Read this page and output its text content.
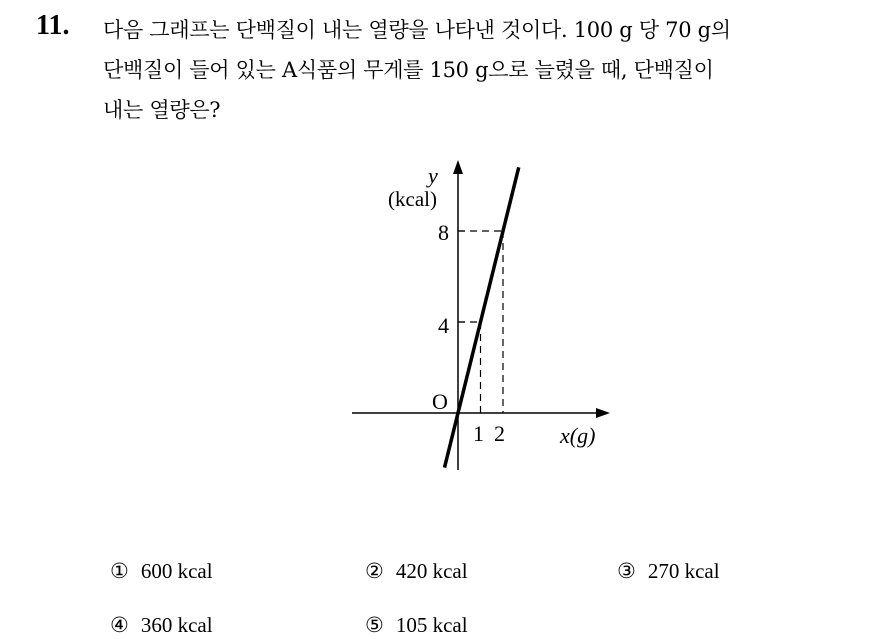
11. 다음 그래프는 단백질이 내는 열량을 나타낸 것이다. 100 g 당 70 g의
단백질이 들어 있는 A식품의 무게를 150 g으로 늘렸을 때, 단백질이
내는 열량은?
y
(kcal)
x(g)
O
8
4
1 2
① 600 kcal	② 420 kcal	③ 270 kcal
④ 360 kcal	⑤ 105 kcal
